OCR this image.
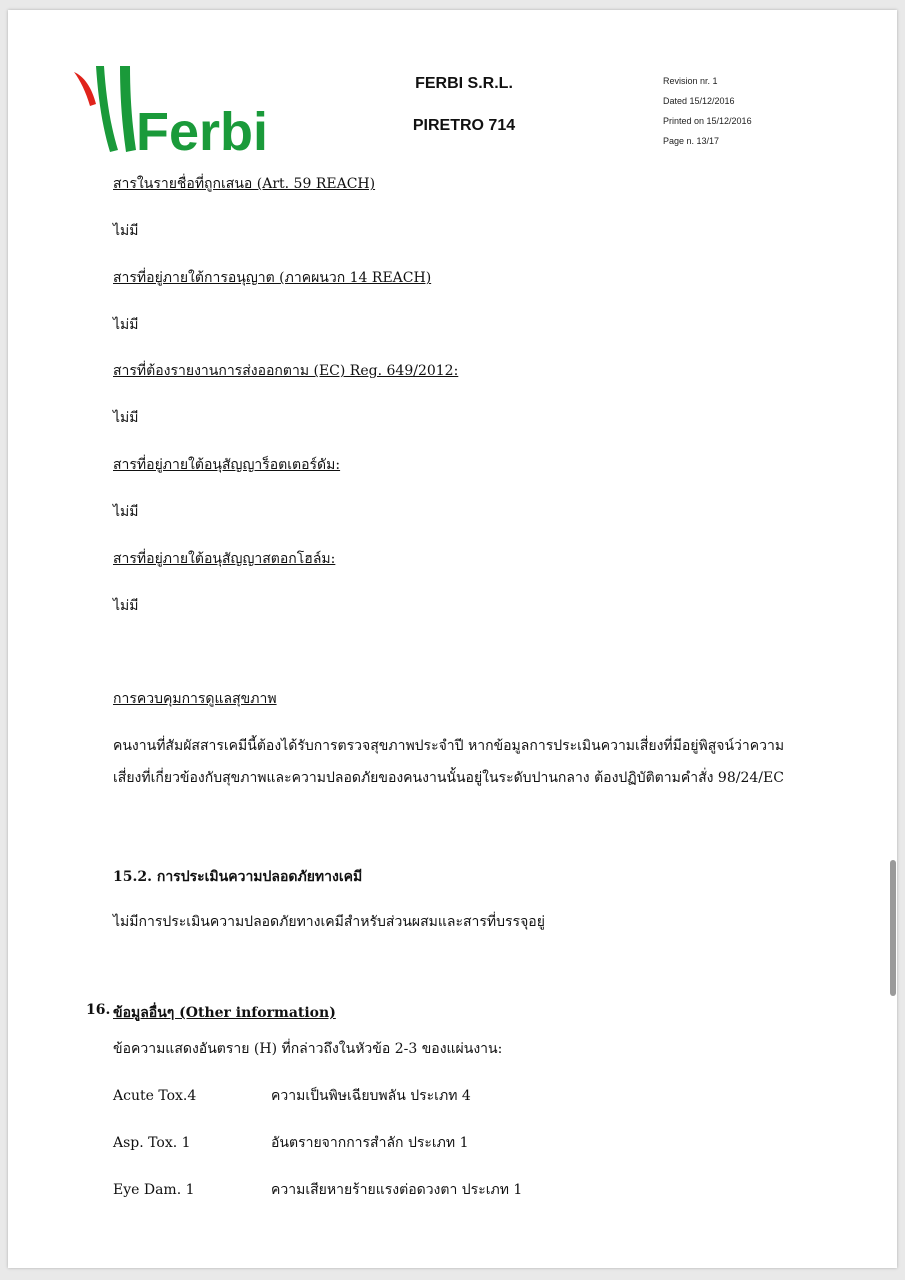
Ferbi
FERBI S.R.L.
PIRETRO 714
Revision nr. 1
Dated 15/12/2016
Printed on 15/12/2016
Page n. 13/17
สารในรายชื่อที่ถูกเสนอ (Art. 59 REACH)
ไม่มี
สารที่อยู่ภายใต้การอนุญาต (ภาคผนวก 14 REACH)
ไม่มี
สารที่ต้องรายงานการส่งออกตาม (EC) Reg. 649/2012:
ไม่มี
สารที่อยู่ภายใต้อนุสัญญาร็อตเตอร์ดัม:
ไม่มี
สารที่อยู่ภายใต้อนุสัญญาสตอกโฮล์ม:
ไม่มี
การควบคุมการดูแลสุขภาพ
คนงานที่สัมผัสสารเคมีนี้ต้องได้รับการตรวจสุขภาพประจำปี หากข้อมูลการประเมินความเสี่ยงที่มีอยู่พิสูจน์ว่าความ
เสี่ยงที่เกี่ยวข้องกับสุขภาพและความปลอดภัยของคนงานนั้นอยู่ในระดับปานกลาง ต้องปฏิบัติตามคำสั่ง 98/24/EC
15.2. การประเมินความปลอดภัยทางเคมี
ไม่มีการประเมินความปลอดภัยทางเคมีสำหรับส่วนผสมและสารที่บรรจุอยู่
16. ข้อมูลอื่นๆ (Other information)
ข้อความแสดงอันตราย (H) ที่กล่าวถึงในหัวข้อ 2-3 ของแผ่นงาน:
Acute Tox.4	ความเป็นพิษเฉียบพลัน ประเภท 4
Asp. Tox. 1	อันตรายจากการสำลัก ประเภท 1
Eye Dam. 1	ความเสียหายร้ายแรงต่อดวงตา ประเภท 1
